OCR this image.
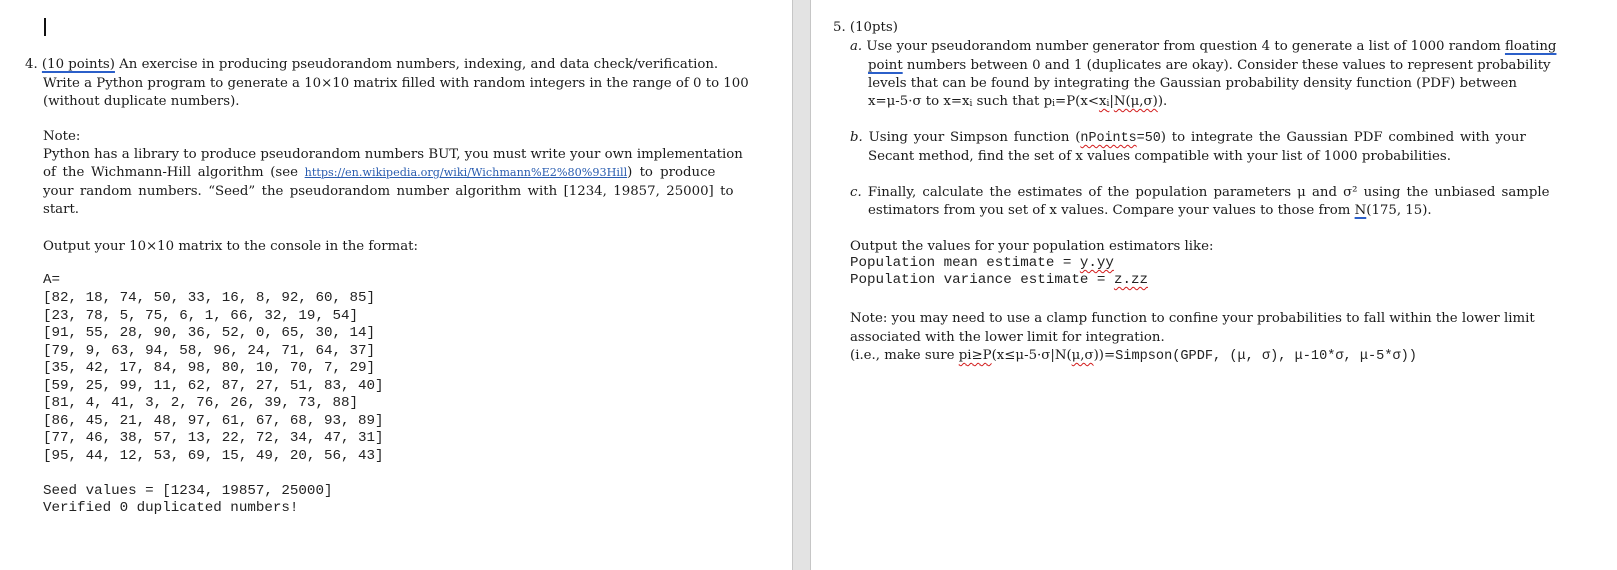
4. (10 points) An exercise in producing pseudorandom numbers, indexing, and data check/verification.
Write a Python program to generate a 10×10 matrix filled with random integers in the range of 0 to 100
(without duplicate numbers).
Note:
Python has a library to produce pseudorandom numbers BUT, you must write your own implementation
of the Wichmann-Hill algorithm (see https://en.wikipedia.org/wiki/Wichmann%E2%80%93Hill ) to produce
your random numbers. “Seed” the pseudorandom number algorithm with [1234, 19857, 25000] to
start.
Output your 10×10 matrix to the console in the format:
A=
[82, 18, 74, 50, 33, 16, 8, 92, 60, 85]
[23, 78, 5, 75, 6, 1, 66, 32, 19, 54]
[91, 55, 28, 90, 36, 52, 0, 65, 30, 14]
[79, 9, 63, 94, 58, 96, 24, 71, 64, 37]
[35, 42, 17, 84, 98, 80, 10, 70, 7, 29]
[59, 25, 99, 11, 62, 87, 27, 51, 83, 40]
[81, 4, 41, 3, 2, 76, 26, 39, 73, 88]
[86, 45, 21, 48, 97, 61, 67, 68, 93, 89]
[77, 46, 38, 57, 13, 22, 72, 34, 47, 31]
[95, 44, 12, 53, 69, 15, 49, 20, 56, 43]
Seed values = [1234, 19857, 25000]
Verified 0 duplicated numbers!
5. (10pts)
a. Use your pseudorandom number generator from question 4 to generate a list of 1000 random floating
point numbers between 0 and 1 (duplicates are okay). Consider these values to represent probability
levels that can be found by integrating the Gaussian probability density function (PDF) between
x=μ-5·σ to $x=x_i$ such that $p_i=P(x<x_i|N(\mu,\sigma))$.
b. Using your Simpson function (nPoints=50) to integrate the Gaussian PDF combined with your
Secant method, find the set of x values compatible with your list of 1000 probabilities.
c. Finally, calculate the estimates of the population parameters μ and σ² using the unbiased sample
estimators from you set of x values. Compare your values to those from N(175, 15).
Output the values for your population estimators like:
Population mean estimate = y.yy
Population variance estimate = z.zz
Note: you may need to use a clamp function to confine your probabilities to fall within the lower limit
associated with the lower limit for integration.
(i.e., make sure pi≥P(x≤μ-5·σ|N(μ,σ))=Simpson(GPDF, (μ, σ), μ-10*σ, μ-5*σ))
